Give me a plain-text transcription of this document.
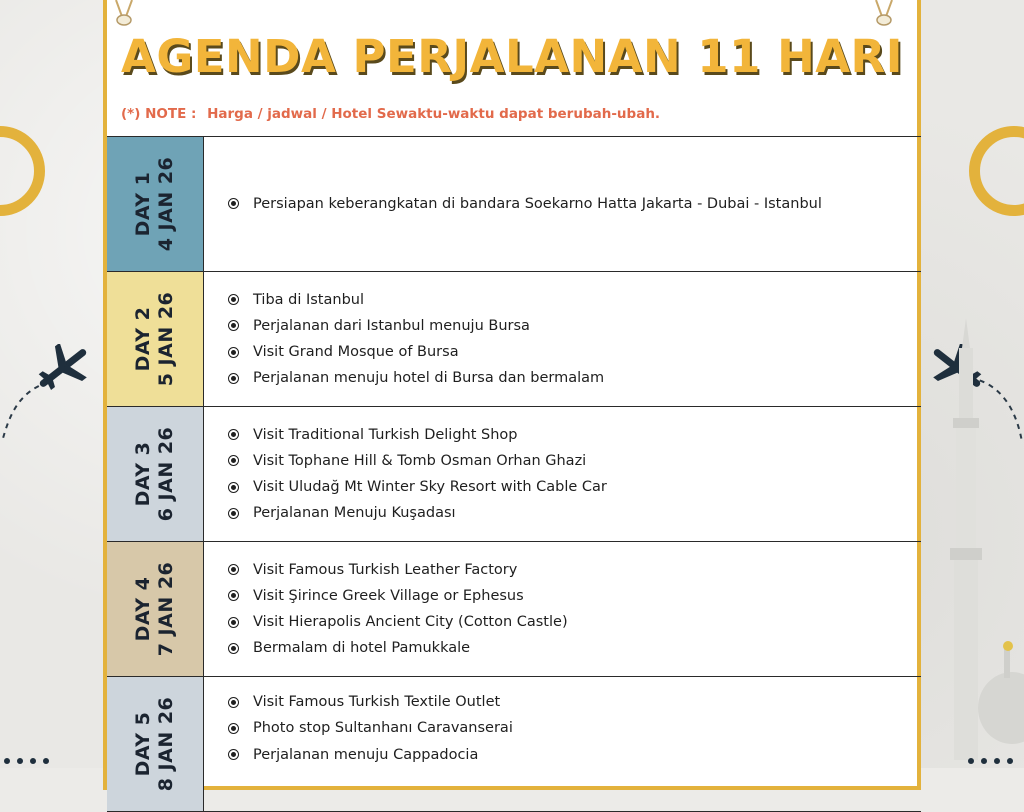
AGENDA PERJALANAN 11 HARI
(*) NOTE : Harga / jadwal / Hotel Sewaktu-waktu dapat berubah-ubah.
DAY 1 4 JAN 26	Persiapan keberangkatan di bandara Soekarno Hatta Jakarta - Dubai - Istanbul
DAY 2 5 JAN 26	Tiba di Istanbul
Perjalanan dari Istanbul menuju Bursa
Visit Grand Mosque of Bursa
Perjalanan menuju hotel di Bursa dan bermalam
DAY 3 6 JAN 26	Visit Traditional Turkish Delight Shop
Visit Tophane Hill & Tomb Osman Orhan Ghazi
Visit Uludağ Mt Winter Sky Resort with Cable Car
Perjalanan Menuju Kuşadası
DAY 4 7 JAN 26	Visit Famous Turkish Leather Factory
Visit Şirince Greek Village or Ephesus
Visit Hierapolis Ancient City (Cotton Castle)
Bermalam di hotel Pamukkale
DAY 5 8 JAN 26	Visit Famous Turkish Textile Outlet
Photo stop Sultanhanı Caravanserai
Perjalanan menuju Cappadocia
